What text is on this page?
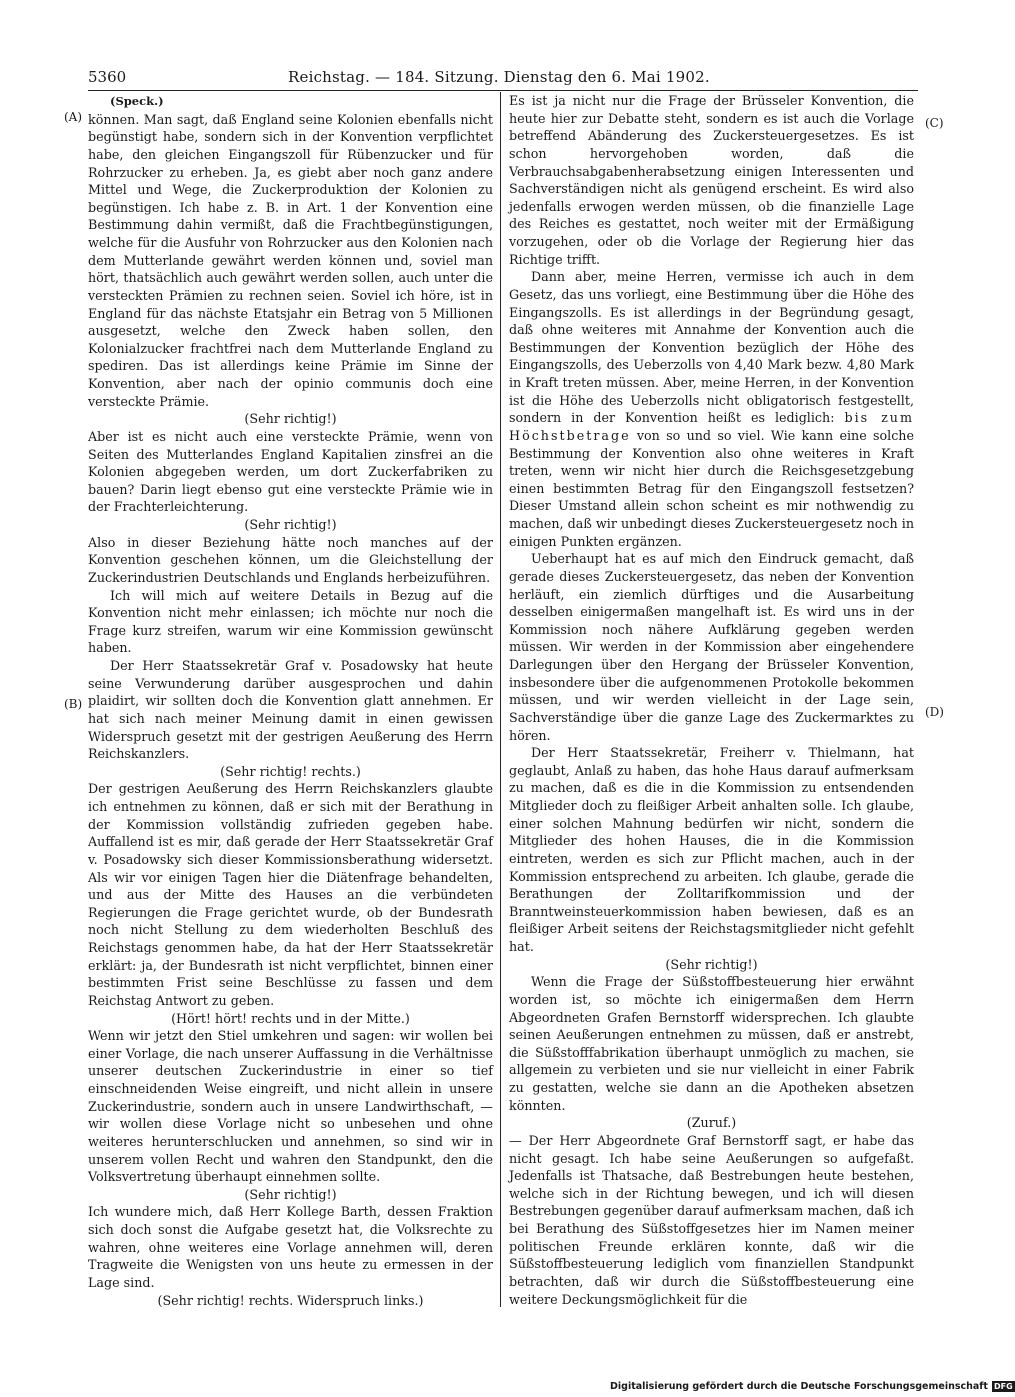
5360	Reichstag. — 184. Sitzung. Dienstag den 6. Mai 1902.
(A)
(B)
(C)
(D)

(Speck.)

können. Man sagt, daß England seine Kolonien ebenfalls nicht begünstigt habe, sondern sich in der Konvention verpflichtet habe, den gleichen Eingangszoll für Rübenzucker und für Rohrzucker zu erheben. Ja, es giebt aber noch ganz andere Mittel und Wege, die Zuckerproduktion der Kolonien zu begünstigen. Ich habe z. B. in Art. 1 der Konvention eine Bestimmung dahin vermißt, daß die Frachtbegünstigungen, welche für die Ausfuhr von Rohrzucker aus den Kolonien nach dem Mutterlande gewährt werden können und, soviel man hört, thatsächlich auch gewährt werden sollen, auch unter die versteckten Prämien zu rechnen seien. Soviel ich höre, ist in England für das nächste Etatsjahr ein Betrag von 5 Millionen ausgesetzt, welche den Zweck haben sollen, den Kolonialzucker frachtfrei nach dem Mutterlande England zu spediren. Das ist allerdings keine Prämie im Sinne der Konvention, aber nach der opinio communis doch eine versteckte Prämie.

(Sehr richtig!)

Aber ist es nicht auch eine versteckte Prämie, wenn von Seiten des Mutterlandes England Kapitalien zinsfrei an die Kolonien abgegeben werden, um dort Zuckerfabriken zu bauen? Darin liegt ebenso gut eine versteckte Prämie wie in der Frachterleichterung.

(Sehr richtig!)

Also in dieser Beziehung hätte noch manches auf der Konvention geschehen können, um die Gleichstellung der Zuckerindustrien Deutschlands und Englands herbeizuführen.

Ich will mich auf weitere Details in Bezug auf die Konvention nicht mehr einlassen; ich möchte nur noch die Frage kurz streifen, warum wir eine Kommission gewünscht haben.

Der Herr Staatssekretär Graf v. Posadowsky hat heute seine Verwunderung darüber ausgesprochen und dahin plaidirt, wir sollten doch die Konvention glatt annehmen. Er hat sich nach meiner Meinung damit in einen gewissen Widerspruch gesetzt mit der gestrigen Aeußerung des Herrn Reichskanzlers.

(Sehr richtig! rechts.)

Der gestrigen Aeußerung des Herrn Reichskanzlers glaubte ich entnehmen zu können, daß er sich mit der Berathung in der Kommission vollständig zufrieden gegeben habe. Auffallend ist es mir, daß gerade der Herr Staatssekretär Graf v. Posadowsky sich dieser Kommissionsberathung widersetzt. Als wir vor einigen Tagen hier die Diätenfrage behandelten, und aus der Mitte des Hauses an die verbündeten Regierungen die Frage gerichtet wurde, ob der Bundesrath noch nicht Stellung zu dem wiederholten Beschluß des Reichstags genommen habe, da hat der Herr Staatssekretär erklärt: ja, der Bundesrath ist nicht verpflichtet, binnen einer bestimmten Frist seine Beschlüsse zu fassen und dem Reichstag Antwort zu geben.

(Hört! hört! rechts und in der Mitte.)

Wenn wir jetzt den Stiel umkehren und sagen: wir wollen bei einer Vorlage, die nach unserer Auffassung in die Verhältnisse unserer deutschen Zuckerindustrie in einer so tief einschneidenden Weise eingreift, und nicht allein in unsere Zuckerindustrie, sondern auch in unsere Landwirthschaft, — wir wollen diese Vorlage nicht so unbesehen und ohne weiteres herunterschlucken und annehmen, so sind wir in unserem vollen Recht und wahren den Standpunkt, den die Volksvertretung überhaupt einnehmen sollte.

(Sehr richtig!)

Ich wundere mich, daß Herr Kollege Barth, dessen Fraktion sich doch sonst die Aufgabe gesetzt hat, die Volksrechte zu wahren, ohne weiteres eine Vorlage annehmen will, deren Tragweite die Wenigsten von uns heute zu ermessen in der Lage sind.

(Sehr richtig! rechts. Widerspruch links.)

Es ist ja nicht nur die Frage der Brüsseler Konvention, die heute hier zur Debatte steht, sondern es ist auch die Vorlage betreffend Abänderung des Zuckersteuergesetzes. Es ist schon hervorgehoben worden, daß die Verbrauchsabgabenherabsetzung einigen Interessenten und Sachverständigen nicht als genügend erscheint. Es wird also jedenfalls erwogen werden müssen, ob die finanzielle Lage des Reiches es gestattet, noch weiter mit der Ermäßigung vorzugehen, oder ob die Vorlage der Regierung hier das Richtige trifft.

Dann aber, meine Herren, vermisse ich auch in dem Gesetz, das uns vorliegt, eine Bestimmung über die Höhe des Eingangszolls. Es ist allerdings in der Begründung gesagt, daß ohne weiteres mit Annahme der Konvention auch die Bestimmungen der Konvention bezüglich der Höhe des Eingangszolls, des Ueberzolls von 4,40 Mark bezw. 4,80 Mark in Kraft treten müssen. Aber, meine Herren, in der Konvention ist die Höhe des Ueberzolls nicht obligatorisch festgestellt, sondern in der Konvention heißt es lediglich: bis zum Höchstbetrage von so und so viel. Wie kann eine solche Bestimmung der Konvention also ohne weiteres in Kraft treten, wenn wir nicht hier durch die Reichsgesetzgebung einen bestimmten Betrag für den Eingangszoll festsetzen? Dieser Umstand allein schon scheint es mir nothwendig zu machen, daß wir unbedingt dieses Zuckersteuergesetz noch in einigen Punkten ergänzen.

Ueberhaupt hat es auf mich den Eindruck gemacht, daß gerade dieses Zuckersteuergesetz, das neben der Konvention herläuft, ein ziemlich dürftiges und die Ausarbeitung desselben einigermaßen mangelhaft ist. Es wird uns in der Kommission noch nähere Aufklärung gegeben werden müssen. Wir werden in der Kommission aber eingehendere Darlegungen über den Hergang der Brüsseler Konvention, insbesondere über die aufgenommenen Protokolle bekommen müssen, und wir werden vielleicht in der Lage sein, Sachverständige über die ganze Lage des Zuckermarktes zu hören.

Der Herr Staatssekretär, Freiherr v. Thielmann, hat geglaubt, Anlaß zu haben, das hohe Haus darauf aufmerksam zu machen, daß es die in die Kommission zu entsendenden Mitglieder doch zu fleißiger Arbeit anhalten solle. Ich glaube, einer solchen Mahnung bedürfen wir nicht, sondern die Mitglieder des hohen Hauses, die in die Kommission eintreten, werden es sich zur Pflicht machen, auch in der Kommission entsprechend zu arbeiten. Ich glaube, gerade die Berathungen der Zolltarifkommission und der Branntweinsteuerkommission haben bewiesen, daß es an fleißiger Arbeit seitens der Reichstagsmitglieder nicht gefehlt hat.

(Sehr richtig!)

Wenn die Frage der Süßstoffbesteuerung hier erwähnt worden ist, so möchte ich einigermaßen dem Herrn Abgeordneten Grafen Bernstorff widersprechen. Ich glaubte seinen Aeußerungen entnehmen zu müssen, daß er anstrebt, die Süßstofffabrikation überhaupt unmöglich zu machen, sie allgemein zu verbieten und sie nur vielleicht in einer Fabrik zu gestatten, welche sie dann an die Apotheken absetzen könnten.

(Zuruf.)

— Der Herr Abgeordnete Graf Bernstorff sagt, er habe das nicht gesagt. Ich habe seine Aeußerungen so aufgefaßt. Jedenfalls ist Thatsache, daß Bestrebungen heute bestehen, welche sich in der Richtung bewegen, und ich will diesen Bestrebungen gegenüber darauf aufmerksam machen, daß ich bei Berathung des Süßstoffgesetzes hier im Namen meiner politischen Freunde erklären konnte, daß wir die Süßstoffbesteuerung lediglich vom finanziellen Standpunkt betrachten, daß wir durch die Süßstoffbesteuerung eine weitere Deckungsmöglichkeit für die

Digitalisierung gefördert durch die Deutsche Forschungsgemeinschaft DFG
